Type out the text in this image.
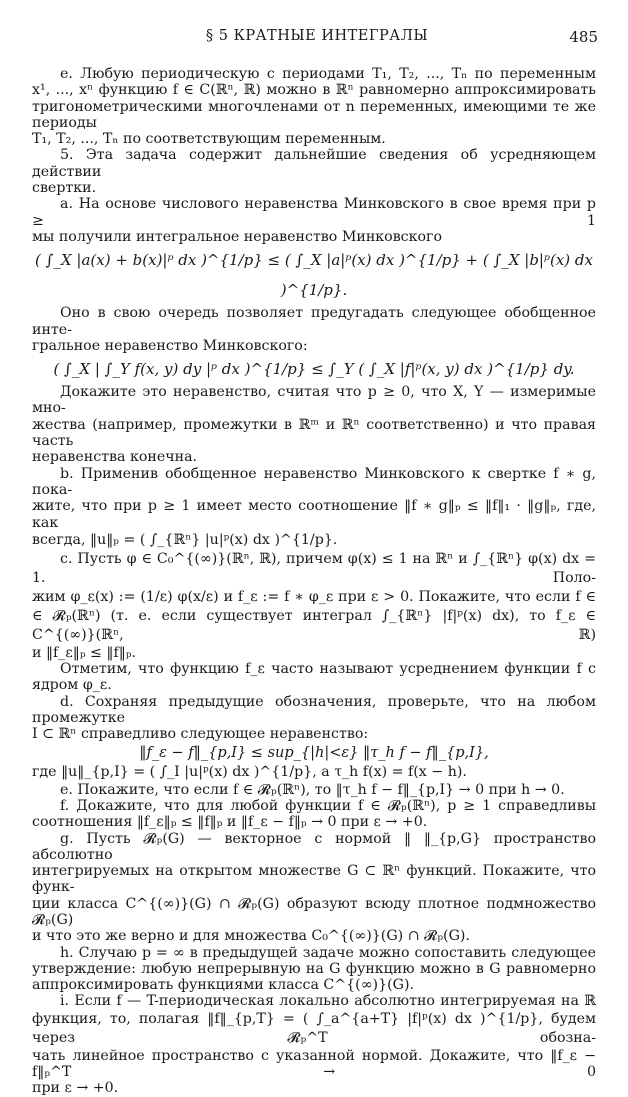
§ 5 КРАТНЫЕ ИНТЕГРАЛЫ	485

e. Любую периодическую с периодами T₁, T₂, ..., Tₙ по переменным

x¹, ..., xⁿ функцию f ∈ C(ℝⁿ, ℝ) можно в ℝⁿ равномерно аппроксимировать

тригонометрическими многочленами от n переменных, имеющими те же периоды

T₁, T₂, ..., Tₙ по соответствующим переменным.

5. Эта задача содержит дальнейшие сведения об усредняющем действии

свертки.

a. На основе числового неравенства Минковского в свое время при p ≥ 1

мы получили интегральное неравенство Минковского

( ∫_X |a(x) + b(x)|ᵖ dx )^{1/p} ≤ ( ∫_X |a|ᵖ(x) dx )^{1/p} + ( ∫_X |b|ᵖ(x) dx )^{1/p}.

Оно в свою очередь позволяет предугадать следующее обобщенное инте-

гральное неравенство Минковского:

( ∫_X | ∫_Y f(x, y) dy |ᵖ dx )^{1/p} ≤ ∫_Y ( ∫_X |f|ᵖ(x, y) dx )^{1/p} dy.

Докажите это неравенство, считая что p ≥ 0, что X, Y — измеримые мно-

жества (например, промежутки в ℝᵐ и ℝⁿ соответственно) и что правая часть

неравенства конечна.

b. Применив обобщенное неравенство Минковского к свертке f ∗ g, пока-

жите, что при p ≥ 1 имеет место соотношение ‖f ∗ g‖ₚ ≤ ‖f‖₁ · ‖g‖ₚ, где, как

всегда, ‖u‖ₚ = ( ∫_{ℝⁿ} |u|ᵖ(x) dx )^{1/p}.

c. Пусть φ ∈ C₀^{(∞)}(ℝⁿ, ℝ), причем φ(x) ≤ 1 на ℝⁿ и ∫_{ℝⁿ} φ(x) dx = 1. Поло-

жим φ_ε(x) := (1/ε) φ(x/ε) и f_ε := f ∗ φ_ε при ε > 0. Покажите, что если f ∈

∈ 𝓡ₚ(ℝⁿ) (т. е. если существует интеграл ∫_{ℝⁿ} |f|ᵖ(x) dx), то f_ε ∈ C^{(∞)}(ℝⁿ, ℝ)

и ‖f_ε‖ₚ ≤ ‖f‖ₚ.

Отметим, что функцию f_ε часто называют усреднением функции f с ядром φ_ε.

d. Сохраняя предыдущие обозначения, проверьте, что на любом промежутке

I ⊂ ℝⁿ справедливо следующее неравенство:

‖f_ε − f‖_{p,I} ≤ sup_{|h|<ε} ‖τ_h f − f‖_{p,I},

где ‖u‖_{p,I} = ( ∫_I |u|ᵖ(x) dx )^{1/p}, а τ_h f(x) = f(x − h).

e. Покажите, что если f ∈ 𝓡ₚ(ℝⁿ), то ‖τ_h f − f‖_{p,I} → 0 при h → 0.

f. Докажите, что для любой функции f ∈ 𝓡ₚ(ℝⁿ), p ≥ 1 справедливы

соотношения ‖f_ε‖ₚ ≤ ‖f‖ₚ и ‖f_ε − f‖ₚ → 0 при ε → +0.

g. Пусть 𝓡ₚ(G) — векторное с нормой ‖ ‖_{p,G} пространство абсолютно

интегрируемых на открытом множестве G ⊂ ℝⁿ функций. Покажите, что функ-

ции класса C^{(∞)}(G) ∩ 𝓡ₚ(G) образуют всюду плотное подмножество 𝓡ₚ(G)

и что это же верно и для множества C₀^{(∞)}(G) ∩ 𝓡ₚ(G).

h. Случаю p = ∞ в предыдущей задаче можно сопоставить следующее

утверждение: любую непрерывную на G функцию можно в G равномерно

аппроксимировать функциями класса C^{(∞)}(G).

i. Если f — T-периодическая локально абсолютно интегрируемая на ℝ

функция, то, полагая ‖f‖_{p,T} = ( ∫_a^{a+T} |f|ᵖ(x) dx )^{1/p}, будем через 𝓡ₚ^T обозна-

чать линейное пространство с указанной нормой. Докажите, что ‖f_ε − f‖ₚ^T → 0

при ε → +0.
